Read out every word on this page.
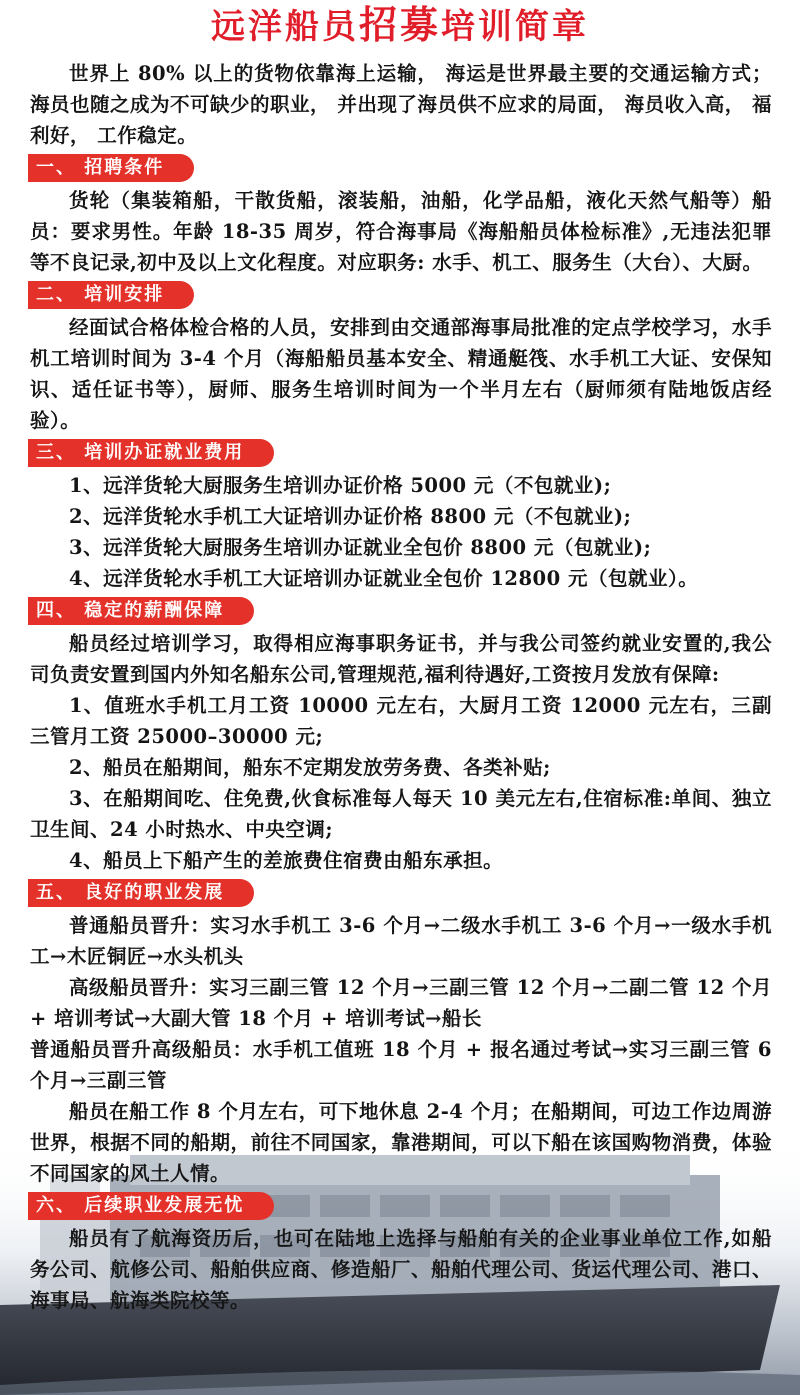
远洋船员招募培训简章

世界上 80% 以上的货物依靠海上运输， 海运是世界最主要的交通运输方式； 海员也随之成为不可缺少的职业， 并出现了海员供不应求的局面， 海员收入高， 福利好， 工作稳定。

一、 招聘条件

货轮（集装箱船，干散货船，滚装船，油船，化学品船，液化天然气船等）船员：要求男性。年龄 18-35 周岁，符合海事局《海船船员体检标准》,无违法犯罪等不良记录,初中及以上文化程度。对应职务: 水手、机工、服务生（大台）、大厨。

二、 培训安排

经面试合格体检合格的人员，安排到由交通部海事局批准的定点学校学习，水手机工培训时间为 3-4 个月（海船船员基本安全、精通艇筏、水手机工大证、安保知识、适任证书等），厨师、服务生培训时间为一个半月左右（厨师须有陆地饭店经验）。

三、 培训办证就业费用

1、远洋货轮大厨服务生培训办证价格 5000 元（不包就业);

2、远洋货轮水手机工大证培训办证价格 8800 元（不包就业);

3、远洋货轮大厨服务生培训办证就业全包价 8800 元（包就业);

4、远洋货轮水手机工大证培训办证就业全包价 12800 元（包就业）。

四、 稳定的薪酬保障

船员经过培训学习，取得相应海事职务证书，并与我公司签约就业安置的,我公司负责安置到国内外知名船东公司,管理规范,福利待遇好,工资按月发放有保障:

1、值班水手机工月工资 10000 元左右，大厨月工资 12000 元左右，三副三管月工资 25000–30000 元;

2、船员在船期间，船东不定期发放劳务费、各类补贴;

3、在船期间吃、住免费,伙食标准每人每天 10 美元左右,住宿标准:单间、独立卫生间、24 小时热水、中央空调;

4、船员上下船产生的差旅费住宿费由船东承担。

五、 良好的职业发展

普通船员晋升：实习水手机工 3-6 个月→二级水手机工 3-6 个月→一级水手机工→木匠铜匠→水头机头

高级船员晋升：实习三副三管 12 个月→三副三管 12 个月→二副二管 12 个月 + 培训考试→大副大管 18 个月 + 培训考试→船长

普通船员晋升高级船员：水手机工值班 18 个月 + 报名通过考试→实习三副三管 6 个月→三副三管

船员在船工作 8 个月左右，可下地休息 2-4 个月；在船期间，可边工作边周游世界，根据不同的船期，前往不同国家，靠港期间，可以下船在该国购物消费，体验不同国家的风土人情。

六、 后续职业发展无忧

船员有了航海资历后，也可在陆地上选择与船舶有关的企业事业单位工作,如船务公司、航修公司、船舶供应商、修造船厂、船舶代理公司、货运代理公司、港口、海事局、航海类院校等。
